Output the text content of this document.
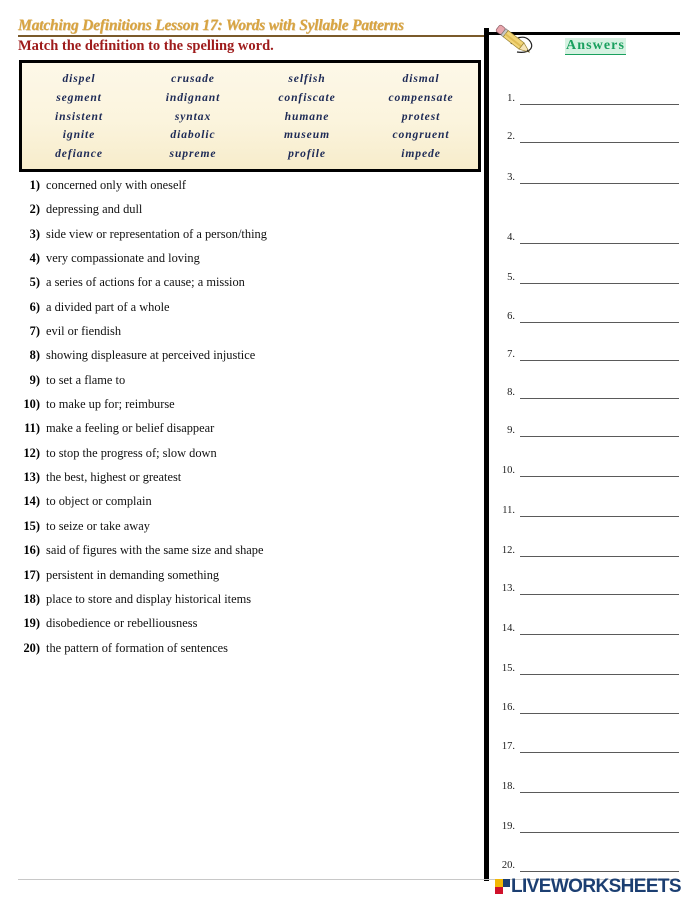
Matching Definitions Lesson 17: Words with Syllable Patterns
Match the definition to the spelling word.
dispel
segment
insistent
ignite
defiance
crusade
indignant
syntax
diabolic
supreme
selfish
confiscate
humane
museum
profile
dismal
compensate
protest
congruent
impede
1) concerned only with oneself
2) depressing and dull
3) side view or representation of a person/thing
4) very compassionate and loving
5) a series of actions for a cause; a mission
6) a divided part of a whole
7) evil or fiendish
8) showing displeasure at perceived injustice
9) to set a flame to
10) to make up for; reimburse
11) make a feeling or belief disappear
12) to stop the progress of; slow down
13) the best, highest or greatest
14) to object or complain
15) to seize or take away
16) said of figures with the same size and shape
17) persistent in demanding something
18) place to store and display historical items
19) disobedience or rebelliousness
20) the pattern of formation of sentences
Answers
1.
2.
3.
4.
5.
6.
7.
8.
9.
10.
11.
12.
13.
14.
15.
16.
17.
18.
19.
20.
LIVEWORKSHEETS
